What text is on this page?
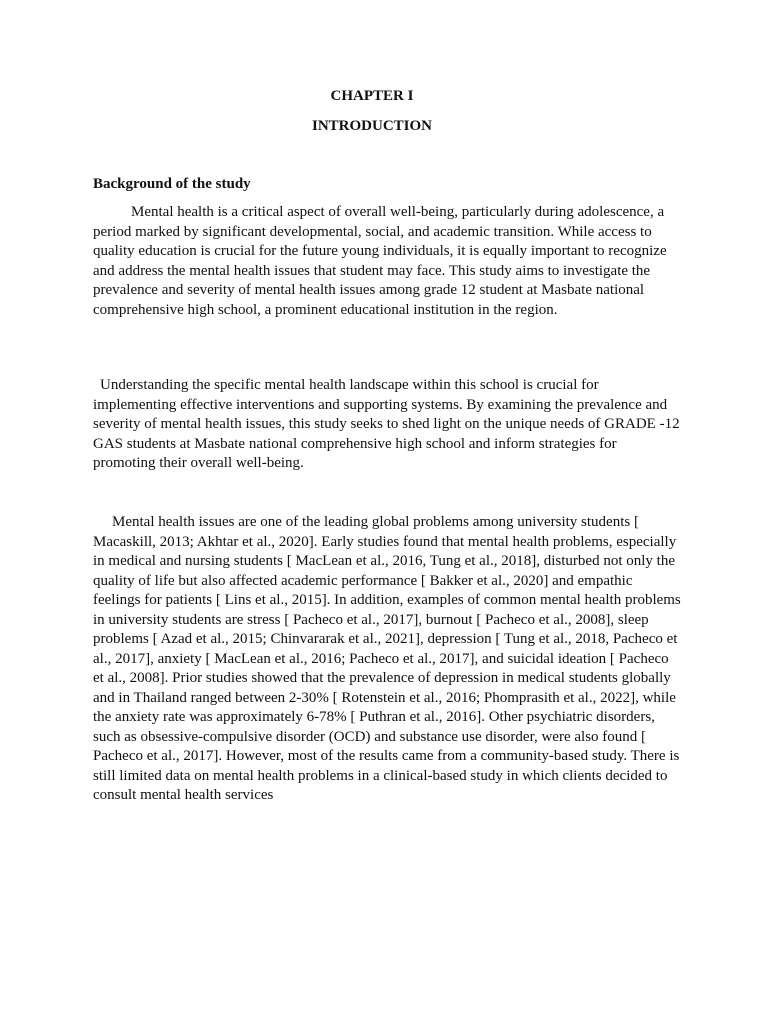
CHAPTER I
INTRODUCTION
Background of the study

Mental health is a critical aspect of overall well-being, particularly during adolescence, a period marked by significant developmental, social, and academic transition. While access to quality education is crucial for the future young individuals, it is equally important to recognize and address the mental health issues that student may face. This study aims to investigate the prevalence and severity of mental health issues among grade 12 student at Masbate national comprehensive high school, a prominent educational institution in the region.

Understanding the specific mental health landscape within this school is crucial for implementing effective interventions and supporting systems. By examining the prevalence and severity of mental health issues, this study seeks to shed light on the unique needs of GRADE -12 GAS students at Masbate national comprehensive high school and inform strategies for promoting their overall well-being.

Mental health issues are one of the leading global problems among university students [ Macaskill, 2013; Akhtar et al., 2020]. Early studies found that mental health problems, especially in medical and nursing students [ MacLean et al., 2016, Tung et al., 2018], disturbed not only the quality of life but also affected academic performance [ Bakker et al., 2020] and empathic feelings for patients [ Lins et al., 2015]. In addition, examples of common mental health problems in university students are stress [ Pacheco et al., 2017], burnout [ Pacheco et al., 2008], sleep problems [ Azad et al., 2015; Chinvararak et al., 2021], depression [ Tung et al., 2018, Pacheco et al., 2017], anxiety [ MacLean et al., 2016; Pacheco et al., 2017], and suicidal ideation [ Pacheco et al., 2008]. Prior studies showed that the prevalence of depression in medical students globally and in Thailand ranged between 2-30% [ Rotenstein et al., 2016; Phomprasith et al., 2022], while the anxiety rate was approximately 6-78% [ Puthran et al., 2016]. Other psychiatric disorders, such as obsessive-compulsive disorder (OCD) and substance use disorder, were also found [ Pacheco et al., 2017]. However, most of the results came from a community-based study. There is still limited data on mental health problems in a clinical-based study in which clients decided to consult mental health services
